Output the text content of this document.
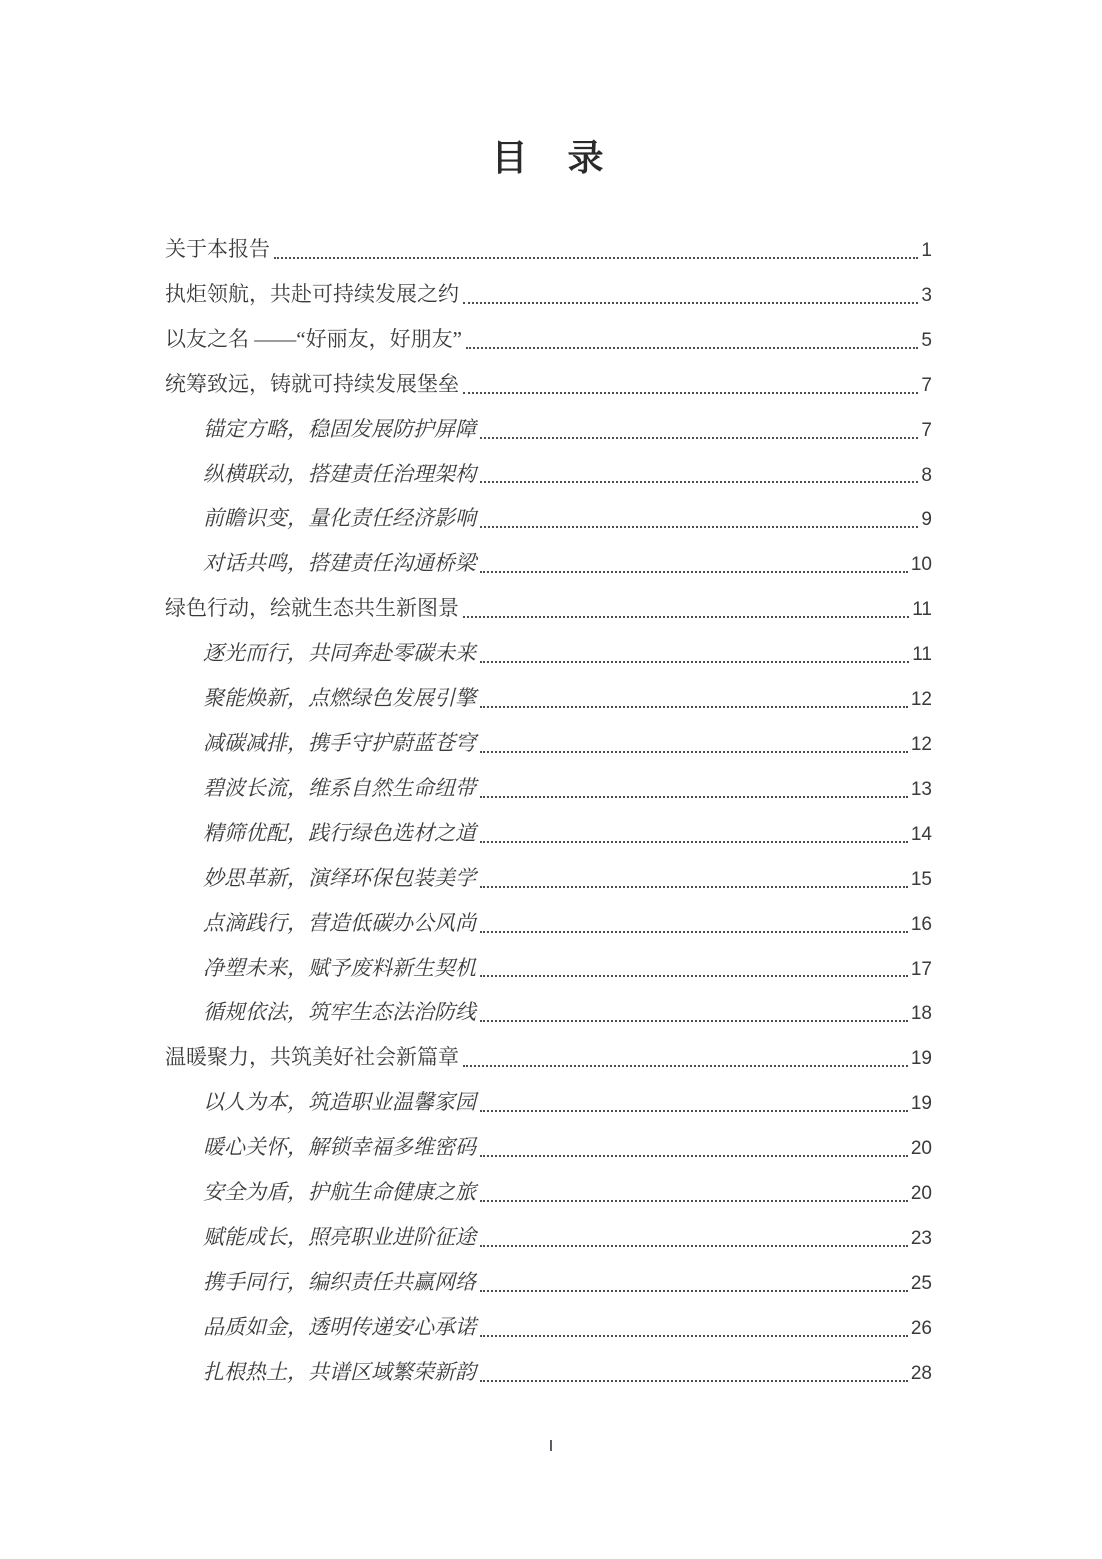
目　录
关于本报告	1
执炬领航，共赴可持续发展之约	3
以友之名 ——“好丽友，好朋友”	5
统筹致远，铸就可持续发展堡垒	7
锚定方略，稳固发展防护屏障	7
纵横联动，搭建责任治理架构	8
前瞻识变，量化责任经济影响	9
对话共鸣，搭建责任沟通桥梁	10
绿色行动，绘就生态共生新图景	11
逐光而行，共同奔赴零碳未来	11
聚能焕新，点燃绿色发展引擎	12
减碳减排，携手守护蔚蓝苍穹	12
碧波长流，维系自然生命纽带	13
精筛优配，践行绿色选材之道	14
妙思革新，演绎环保包装美学	15
点滴践行，营造低碳办公风尚	16
净塑未来，赋予废料新生契机	17
循规依法，筑牢生态法治防线	18
温暖聚力，共筑美好社会新篇章	19
以人为本，筑造职业温馨家园	19
暖心关怀，解锁幸福多维密码	20
安全为盾，护航生命健康之旅	20
赋能成长，照亮职业进阶征途	23
携手同行，编织责任共赢网络	25
品质如金，透明传递安心承诺	26
扎根热土，共谱区域繁荣新韵	28
I
